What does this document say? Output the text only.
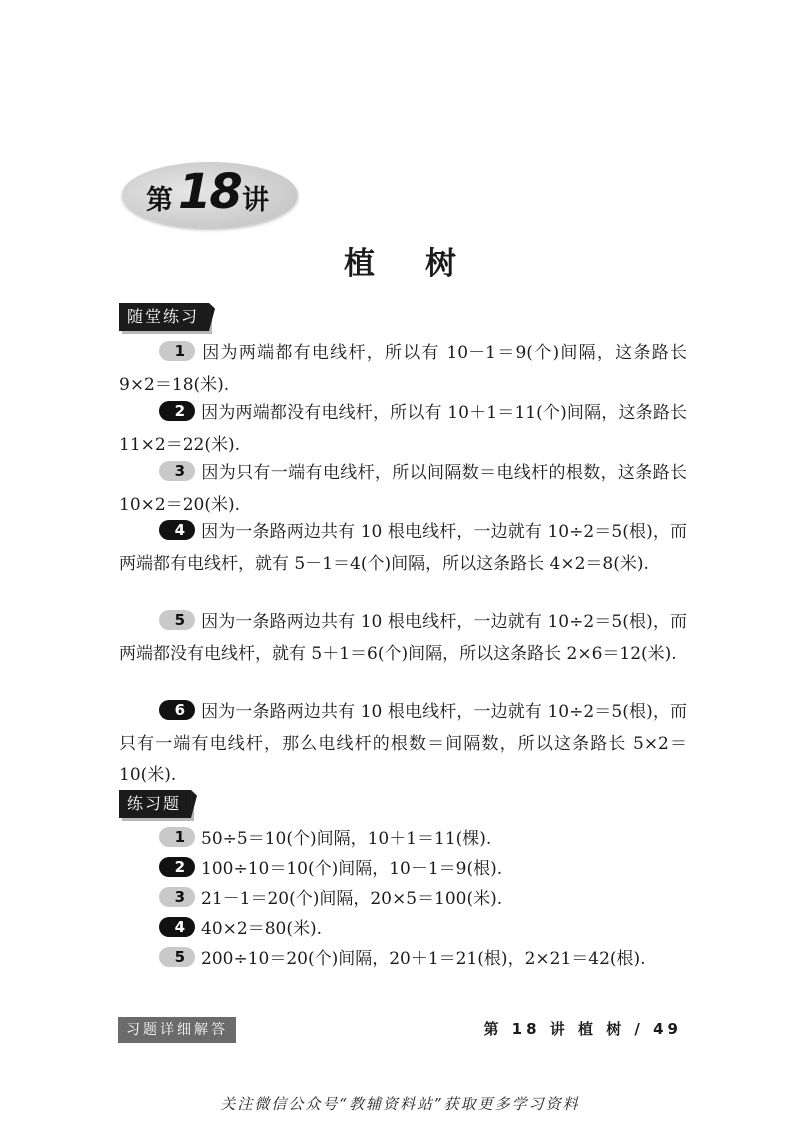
第 18 讲
植树
随堂练习
1 因为两端都有电线杆，所以有 10－1＝9(个)间隔，这条路长 9×2＝18(米).
2 因为两端都没有电线杆，所以有 10＋1＝11(个)间隔，这条路长 11×2＝22(米).
3 因为只有一端有电线杆，所以间隔数＝电线杆的根数，这条路长 10×2＝20(米).
4 因为一条路两边共有 10 根电线杆，一边就有 10÷2＝5(根)，而两端都有电线杆，就有 5－1＝4(个)间隔，所以这条路长 4×2＝8(米).
5 因为一条路两边共有 10 根电线杆，一边就有 10÷2＝5(根)，而两端都没有电线杆，就有 5＋1＝6(个)间隔，所以这条路长 2×6＝12(米).
6 因为一条路两边共有 10 根电线杆，一边就有 10÷2＝5(根)，而只有一端有电线杆，那么电线杆的根数＝间隔数，所以这条路长 5×2＝10(米).
练习题
1 50÷5＝10(个)间隔，10＋1＝11(棵).
2 100÷10＝10(个)间隔，10－1＝9(根).
3 21－1＝20(个)间隔，20×5＝100(米).
4 40×2＝80(米).
5 200÷10＝20(个)间隔，20＋1＝21(根)，2×21＝42(根).
习题详细解答	第 18 讲 植 树 / 49
关注微信公众号“教辅资料站”获取更多学习资料
